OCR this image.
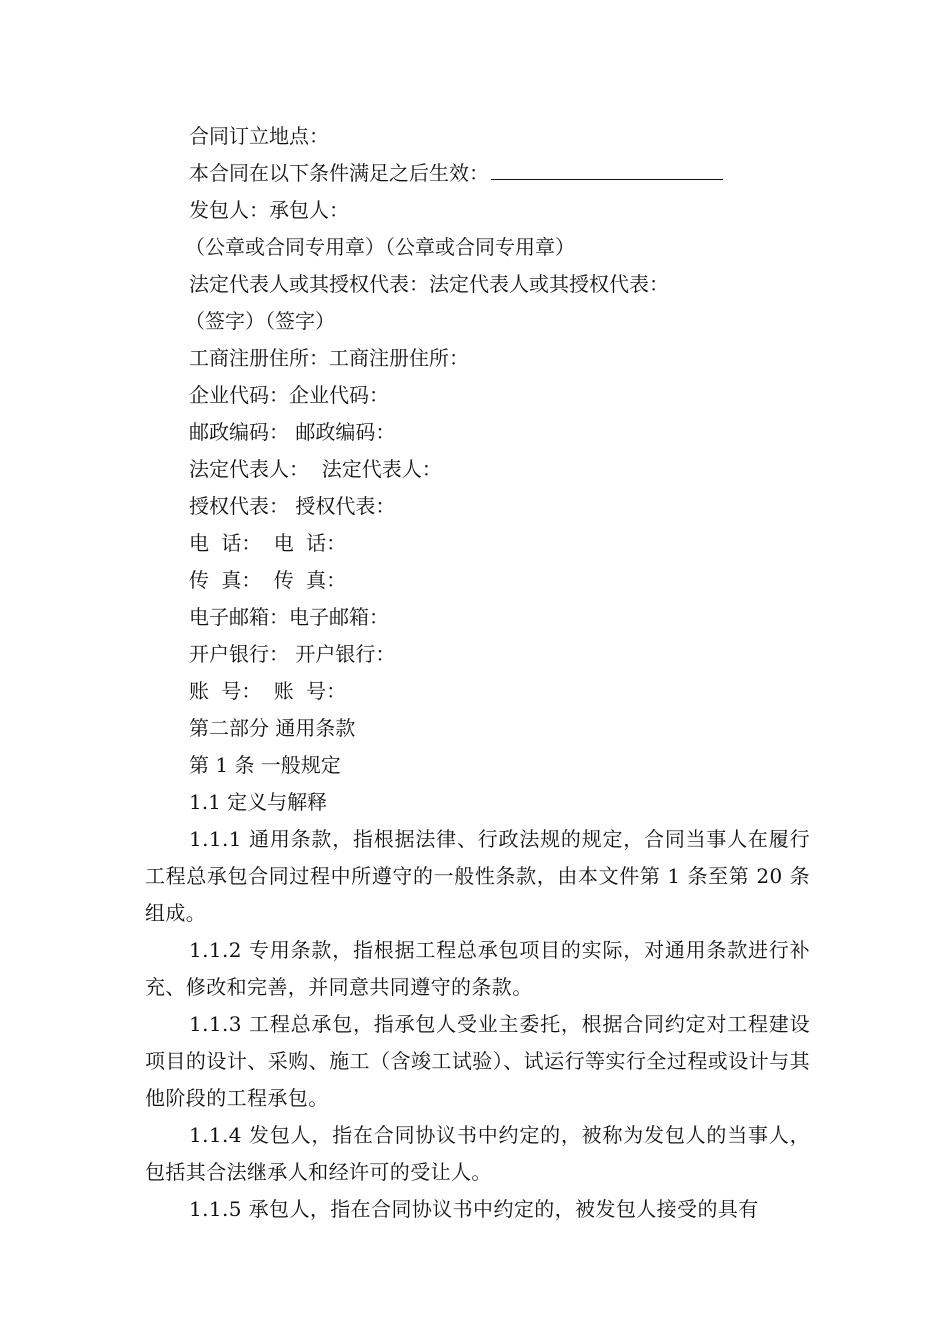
合同订立地点：
本合同在以下条件满足之后生效：
发包人：承包人：
（公章或合同专用章）（公章或合同专用章）
法定代表人或其授权代表：法定代表人或其授权代表：
（签字）（签字）
工商注册住所：工商注册住所：
企业代码：企业代码：
邮政编码： 邮政编码：
法定代表人：  法定代表人：
授权代表： 授权代表：
电 话： 电 话：
传 真： 传 真：
电子邮箱：电子邮箱：
开户银行： 开户银行：
账 号： 账 号：
第二部分 通用条款
第 1 条 一般规定
1.1 定义与解释
1.1.1 通用条款，指根据法律、行政法规的规定，合同当事人在履行工程总承包合同过程中所遵守的一般性条款，由本文件第 1 条至第 20 条组成。
1.1.2 专用条款，指根据工程总承包项目的实际，对通用条款进行补充、修改和完善，并同意共同遵守的条款。
1.1.3 工程总承包，指承包人受业主委托，根据合同约定对工程建设项目的设计、采购、施工（含竣工试验）、试运行等实行全过程或设计与其他阶段的工程承包。
1.1.4 发包人，指在合同协议书中约定的，被称为发包人的当事人，包括其合法继承人和经许可的受让人。
1.1.5 承包人，指在合同协议书中约定的，被发包人接受的具有
